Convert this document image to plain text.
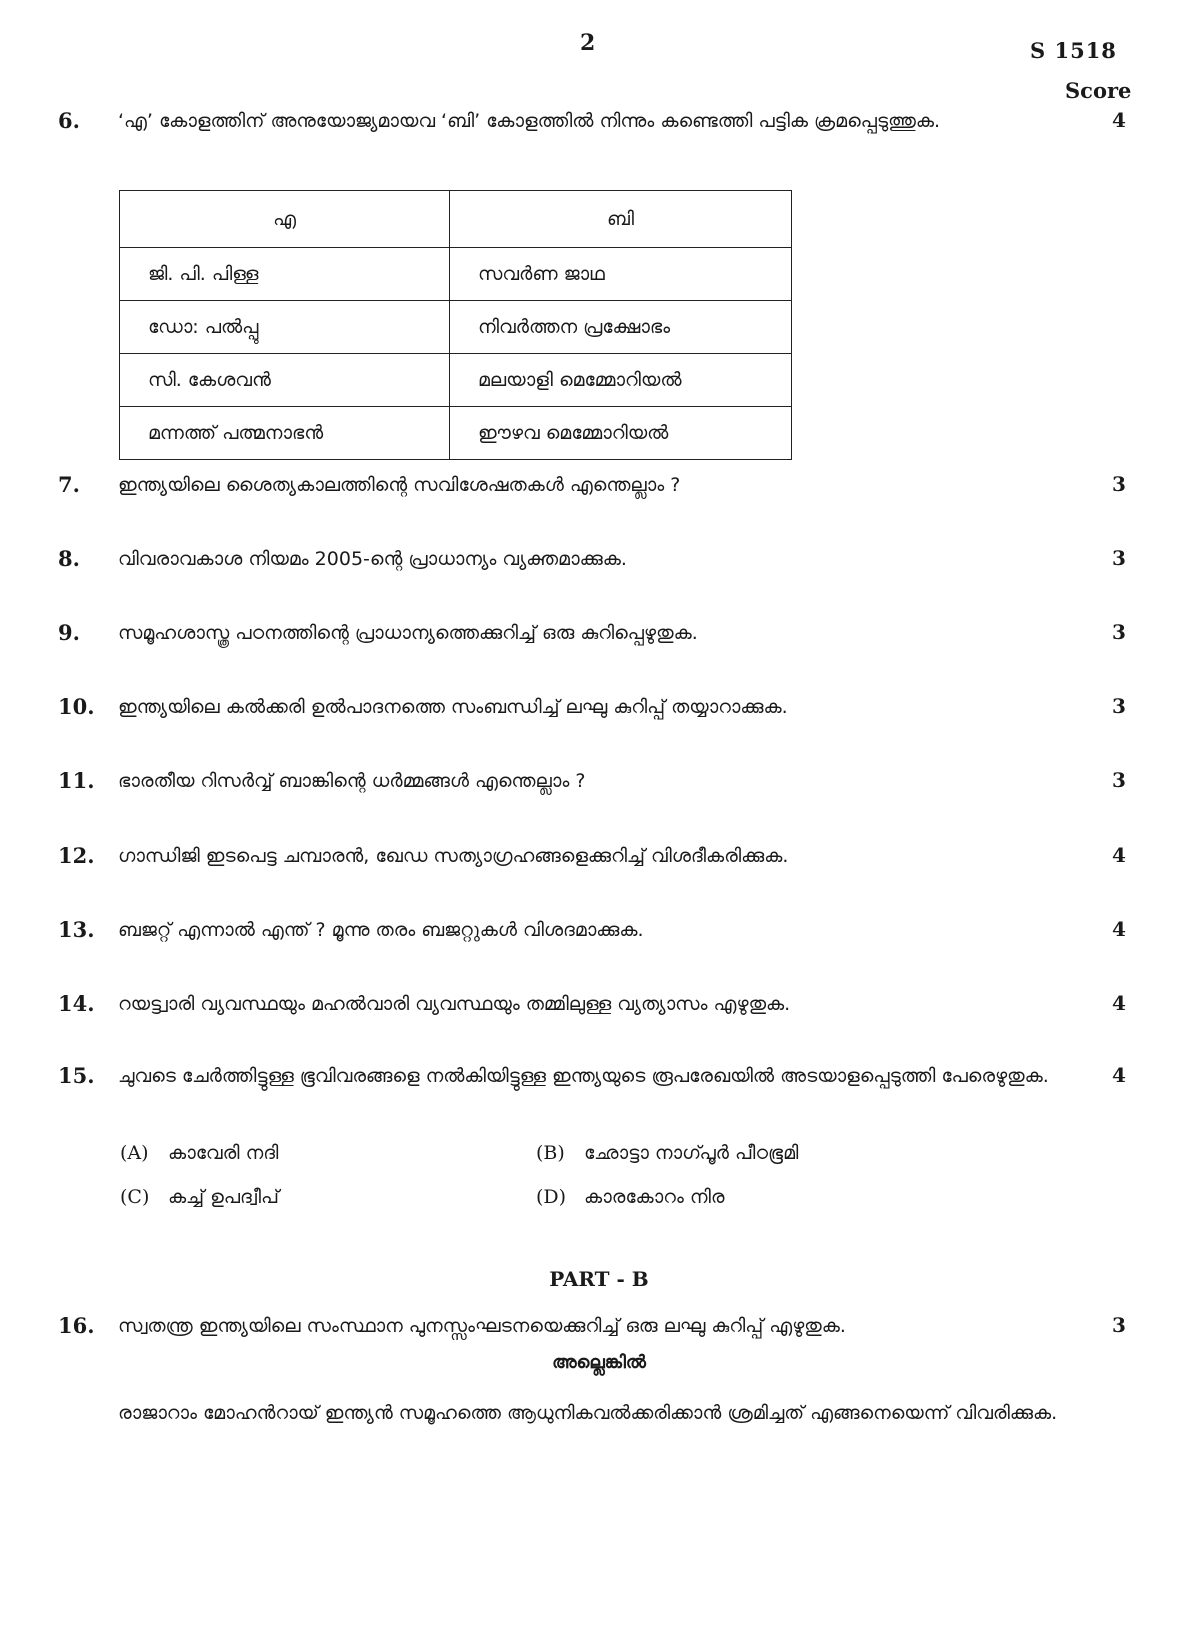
2	S 1518
Score
6. ‘എ’ കോളത്തിന് അനുയോജ്യമായവ ‘ബി’ കോളത്തിൽ നിന്നും കണ്ടെത്തി പട്ടിക ക്രമപ്പെടുത്തുക.	4
എ	ബി
ജി. പി. പിള്ള	സവർണ ജാഥ
ഡോ: പൽപ്പു	നിവർത്തന പ്രക്ഷോഭം
സി. കേശവൻ	മലയാളി മെമ്മോറിയൽ
മന്നത്ത് പത്മനാഭൻ	ഈഴവ മെമ്മോറിയൽ
7. ഇന്ത്യയിലെ ശൈത്യകാലത്തിന്റെ സവിശേഷതകൾ എന്തെല്ലാം ?	3
8. വിവരാവകാശ നിയമം 2005-ന്റെ പ്രാധാന്യം വ്യക്തമാക്കുക.	3
9. സമൂഹശാസ്ത്ര പഠനത്തിന്റെ പ്രാധാന്യത്തെക്കുറിച്ച് ഒരു കുറിപ്പെഴുതുക.	3
10. ഇന്ത്യയിലെ കൽക്കരി ഉൽപാദനത്തെ സംബന്ധിച്ച് ലഘു കുറിപ്പ് തയ്യാറാക്കുക.	3
11. ഭാരതീയ റിസർവ്വ് ബാങ്കിന്റെ ധർമ്മങ്ങൾ എന്തെല്ലാം ?	3
12. ഗാന്ധിജി ഇടപെട്ട ചമ്പാരൻ, ഖേഡ സത്യാഗ്രഹങ്ങളെക്കുറിച്ച് വിശദീകരിക്കുക.	4
13. ബജറ്റ് എന്നാൽ എന്ത് ? മൂന്നു തരം ബജറ്റുകൾ വിശദമാക്കുക.	4
14. റയട്ട്വാരി വ്യവസ്ഥയും മഹൽവാരി വ്യവസ്ഥയും തമ്മിലുള്ള വ്യത്യാസം എഴുതുക.	4
15. ചുവടെ ചേർത്തിട്ടുള്ള ഭൂവിവരങ്ങളെ നൽകിയിട്ടുള്ള ഇന്ത്യയുടെ രൂപരേഖയിൽ അടയാളപ്പെടുത്തി പേരെഴുതുക.	4
(A) കാവേരി നദി	(B) ഛോട്ടാ നാഗ്പൂർ പീഠഭൂമി
(C) കച്ച് ഉപദ്വീപ്	(D) കാരകോറം നിര
PART - B
16. സ്വതന്ത്ര ഇന്ത്യയിലെ സംസ്ഥാന പുനസ്സംഘടനയെക്കുറിച്ച് ഒരു ലഘു കുറിപ്പ് എഴുതുക.	3
അല്ലെങ്കിൽ
രാജാറാം മോഹൻറായ് ഇന്ത്യൻ സമൂഹത്തെ ആധുനികവൽക്കരിക്കാൻ ശ്രമിച്ചത് എങ്ങനെയെന്ന് വിവരിക്കുക.
